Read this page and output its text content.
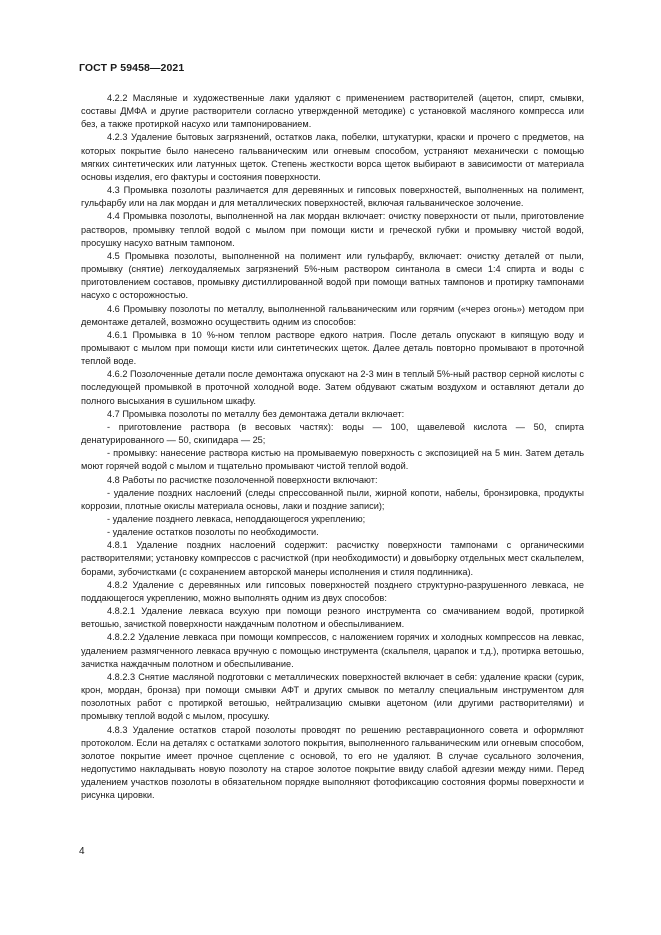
ГОСТ Р 59458—2021

4.2.2 Масляные и художественные лаки удаляют с применением растворителей (ацетон, спирт, смывки, составы ДМФА и другие растворители согласно утвержденной методике) с установкой масляного компресса или без, а также протиркой насухо или тампонированием.

4.2.3 Удаление бытовых загрязнений, остатков лака, побелки, штукатурки, краски и прочего с предметов, на которых покрытие было нанесено гальваническим или огневым способом, устраняют механически с помощью мягких синтетических или латунных щеток. Степень жесткости ворса щеток выбирают в зависимости от материала основы изделия, его фактуры и состояния поверхности.

4.3 Промывка позолоты различается для деревянных и гипсовых поверхностей, выполненных на полимент, гульфарбу или на лак мордан и для металлических поверхностей, включая гальваническое золочение.

4.4 Промывка позолоты, выполненной на лак мордан включает: очистку поверхности от пыли, приготовление растворов, промывку теплой водой с мылом при помощи кисти и греческой губки и промывку чистой водой, просушку насухо ватным тампоном.

4.5 Промывка позолоты, выполненной на полимент или гульфарбу, включает: очистку деталей от пыли, промывку (снятие) легкоудаляемых загрязнений 5%-ным раствором синтанола в смеси 1:4 спирта и воды с приготовлением составов, промывку дистиллированной водой при помощи ватных тампонов и протирку тампонами насухо с осторожностью.

4.6 Промывку позолоты по металлу, выполненной гальваническим или горячим («через огонь») методом при демонтаже деталей, возможно осуществить одним из способов:

4.6.1 Промывка в 10 %-ном теплом растворе едкого натрия. После деталь опускают в кипящую воду и промывают с мылом при помощи кисти или синтетических щеток. Далее деталь повторно промывают в проточной теплой воде.

4.6.2 Позолоченные детали после демонтажа опускают на 2-3 мин в теплый 5%-ный раствор серной кислоты с последующей промывкой в проточной холодной воде. Затем обдувают сжатым воздухом и оставляют детали до полного высыхания в сушильном шкафу.

4.7 Промывка позолоты по металлу без демонтажа детали включает:

- приготовление раствора (в весовых частях): воды — 100, щавелевой кислота — 50, спирта денатурированного — 50, скипидара — 25;

- промывку: нанесение раствора кистью на промываемую поверхность с экспозицией на 5 мин. Затем деталь моют горячей водой с мылом и тщательно промывают чистой теплой водой.

4.8 Работы по расчистке позолоченной поверхности включают:

- удаление поздних наслоений (следы спрессованной пыли, жирной копоти, набелы, бронзировка, продукты коррозии, плотные окислы материала основы, лаки и поздние записи);

- удаление позднего левкаса, неподдающегося укреплению;

- удаление остатков позолоты по необходимости.

4.8.1 Удаление поздних наслоений содержит: расчистку поверхности тампонами с органическими растворителями; установку компрессов с расчисткой (при необходимости) и довыборку отдельных мест скальпелем, борами, зубочистками (с сохранением авторской манеры исполнения и стиля подлинника).

4.8.2 Удаление с деревянных или гипсовых поверхностей позднего структурно-разрушенного левкаса, не поддающегося укреплению, можно выполнять одним из двух способов:

4.8.2.1 Удаление левкаса всухую при помощи резного инструмента со смачиванием водой, протиркой ветошью, зачисткой поверхности наждачным полотном и обеспыливанием.

4.8.2.2 Удаление левкаса при помощи компрессов, с наложением горячих и холодных компрессов на левкас, удалением размягченного левкаса вручную с помощью инструмента (скальпеля, царапок и т.д.), протирка ветошью, зачистка наждачным полотном и обеспыливание.

4.8.2.3 Снятие масляной подготовки с металлических поверхностей включает в себя: удаление краски (сурик, крон, мордан, бронза) при помощи смывки АФТ и других смывок по металлу специальным инструментом для позолотных работ с протиркой ветошью, нейтрализацию смывки ацетоном (или другими растворителями) и промывку теплой водой с мылом, просушку.

4.8.3 Удаление остатков старой позолоты проводят по решению реставрационного совета и оформляют протоколом. Если на деталях с остатками золотого покрытия, выполненного гальваническим или огневым способом, золотое покрытие имеет прочное сцепление с основой, то его не удаляют. В случае сусального золочения, недопустимо накладывать новую позолоту на старое золотое покрытие ввиду слабой адгезии между ними. Перед удалением участков позолоты в обязательном порядке выполняют фотофиксацию состояния формы поверхности и рисунка цировки.

4
